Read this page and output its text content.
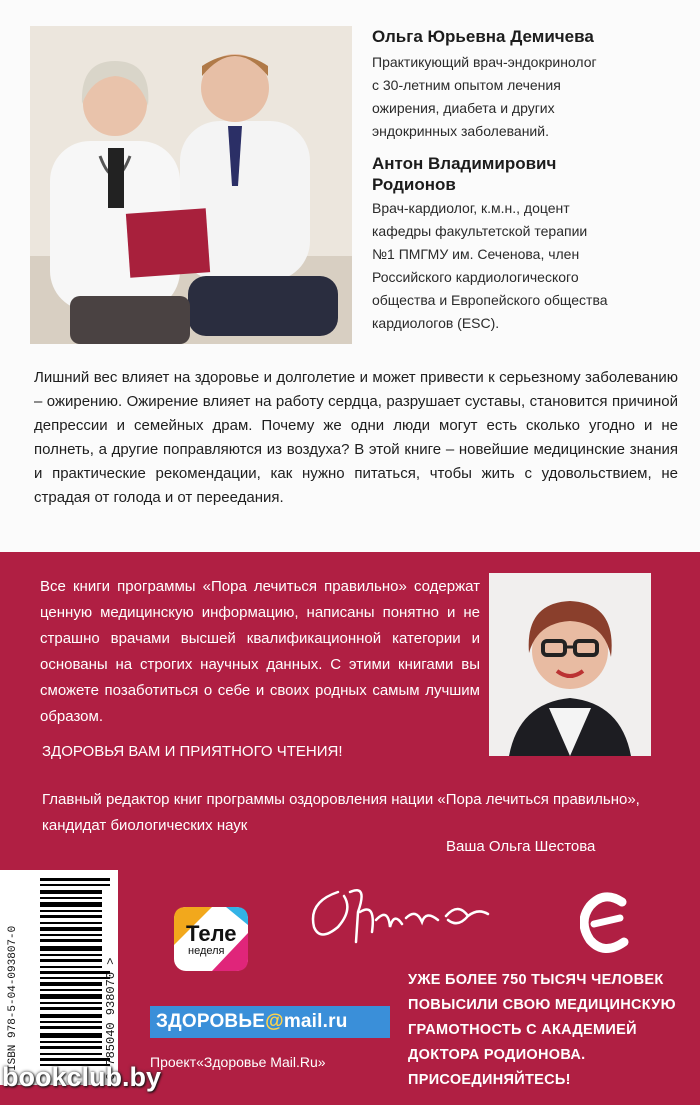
Ольга Юрьевна Демичева
Практикующий врач-эндокринолог
с 30-летним опытом лечения
ожирения, диабета и других
эндокринных заболеваний.
Антон Владимирович
Родионов
Врач-кардиолог, к.м.н., доцент
кафедры факультетской терапии
№1 ПМГМУ им. Сеченова, член
Российского кардиологического
общества и Европейского общества
кардиологов (ESC).
Лишний вес влияет на здоровье и долголетие и может привести к серьезному заболеванию – ожирению. Ожирение влияет на работу сердца, разрушает суставы, становится причиной депрессии и семейных драм. Почему же одни люди могут есть сколько угодно и не полнеть, а другие поправляются из воздуха? В этой книге – новейшие медицинские знания и практические рекомендации, как нужно питаться, чтобы жить с удовольствием, не страдая от голода и от переедания.
Все книги программы «Пора лечиться правильно» содержат ценную медицинскую информацию, написаны понятно и не страшно врачами высшей квалификационной категории и основаны на строгих научных данных. С этими книгами вы сможете позаботиться о себе и своих родных самым лучшим образом.
ЗДОРОВЬЯ ВАМ И ПРИЯТНОГО ЧТЕНИЯ!
Главный редактор книг программы оздоровления нации «Пора лечиться правильно», кандидат биологических наук
Ваша Ольга Шестова
ISBN 978-5-04-093807-0	9 785040 938070 >
Теле
неделя
ЗДОРОВЬЕ@mail.ru
Проект«Здоровье Mail.Ru»
УЖЕ БОЛЕЕ 750 ТЫСЯЧ ЧЕЛОВЕК
ПОВЫСИЛИ СВОЮ МЕДИЦИНСКУЮ
ГРАМОТНОСТЬ С АКАДЕМИЕЙ
ДОКТОРА РОДИОНОВА.
ПРИСОЕДИНЯЙТЕСЬ!
bookclub.by
